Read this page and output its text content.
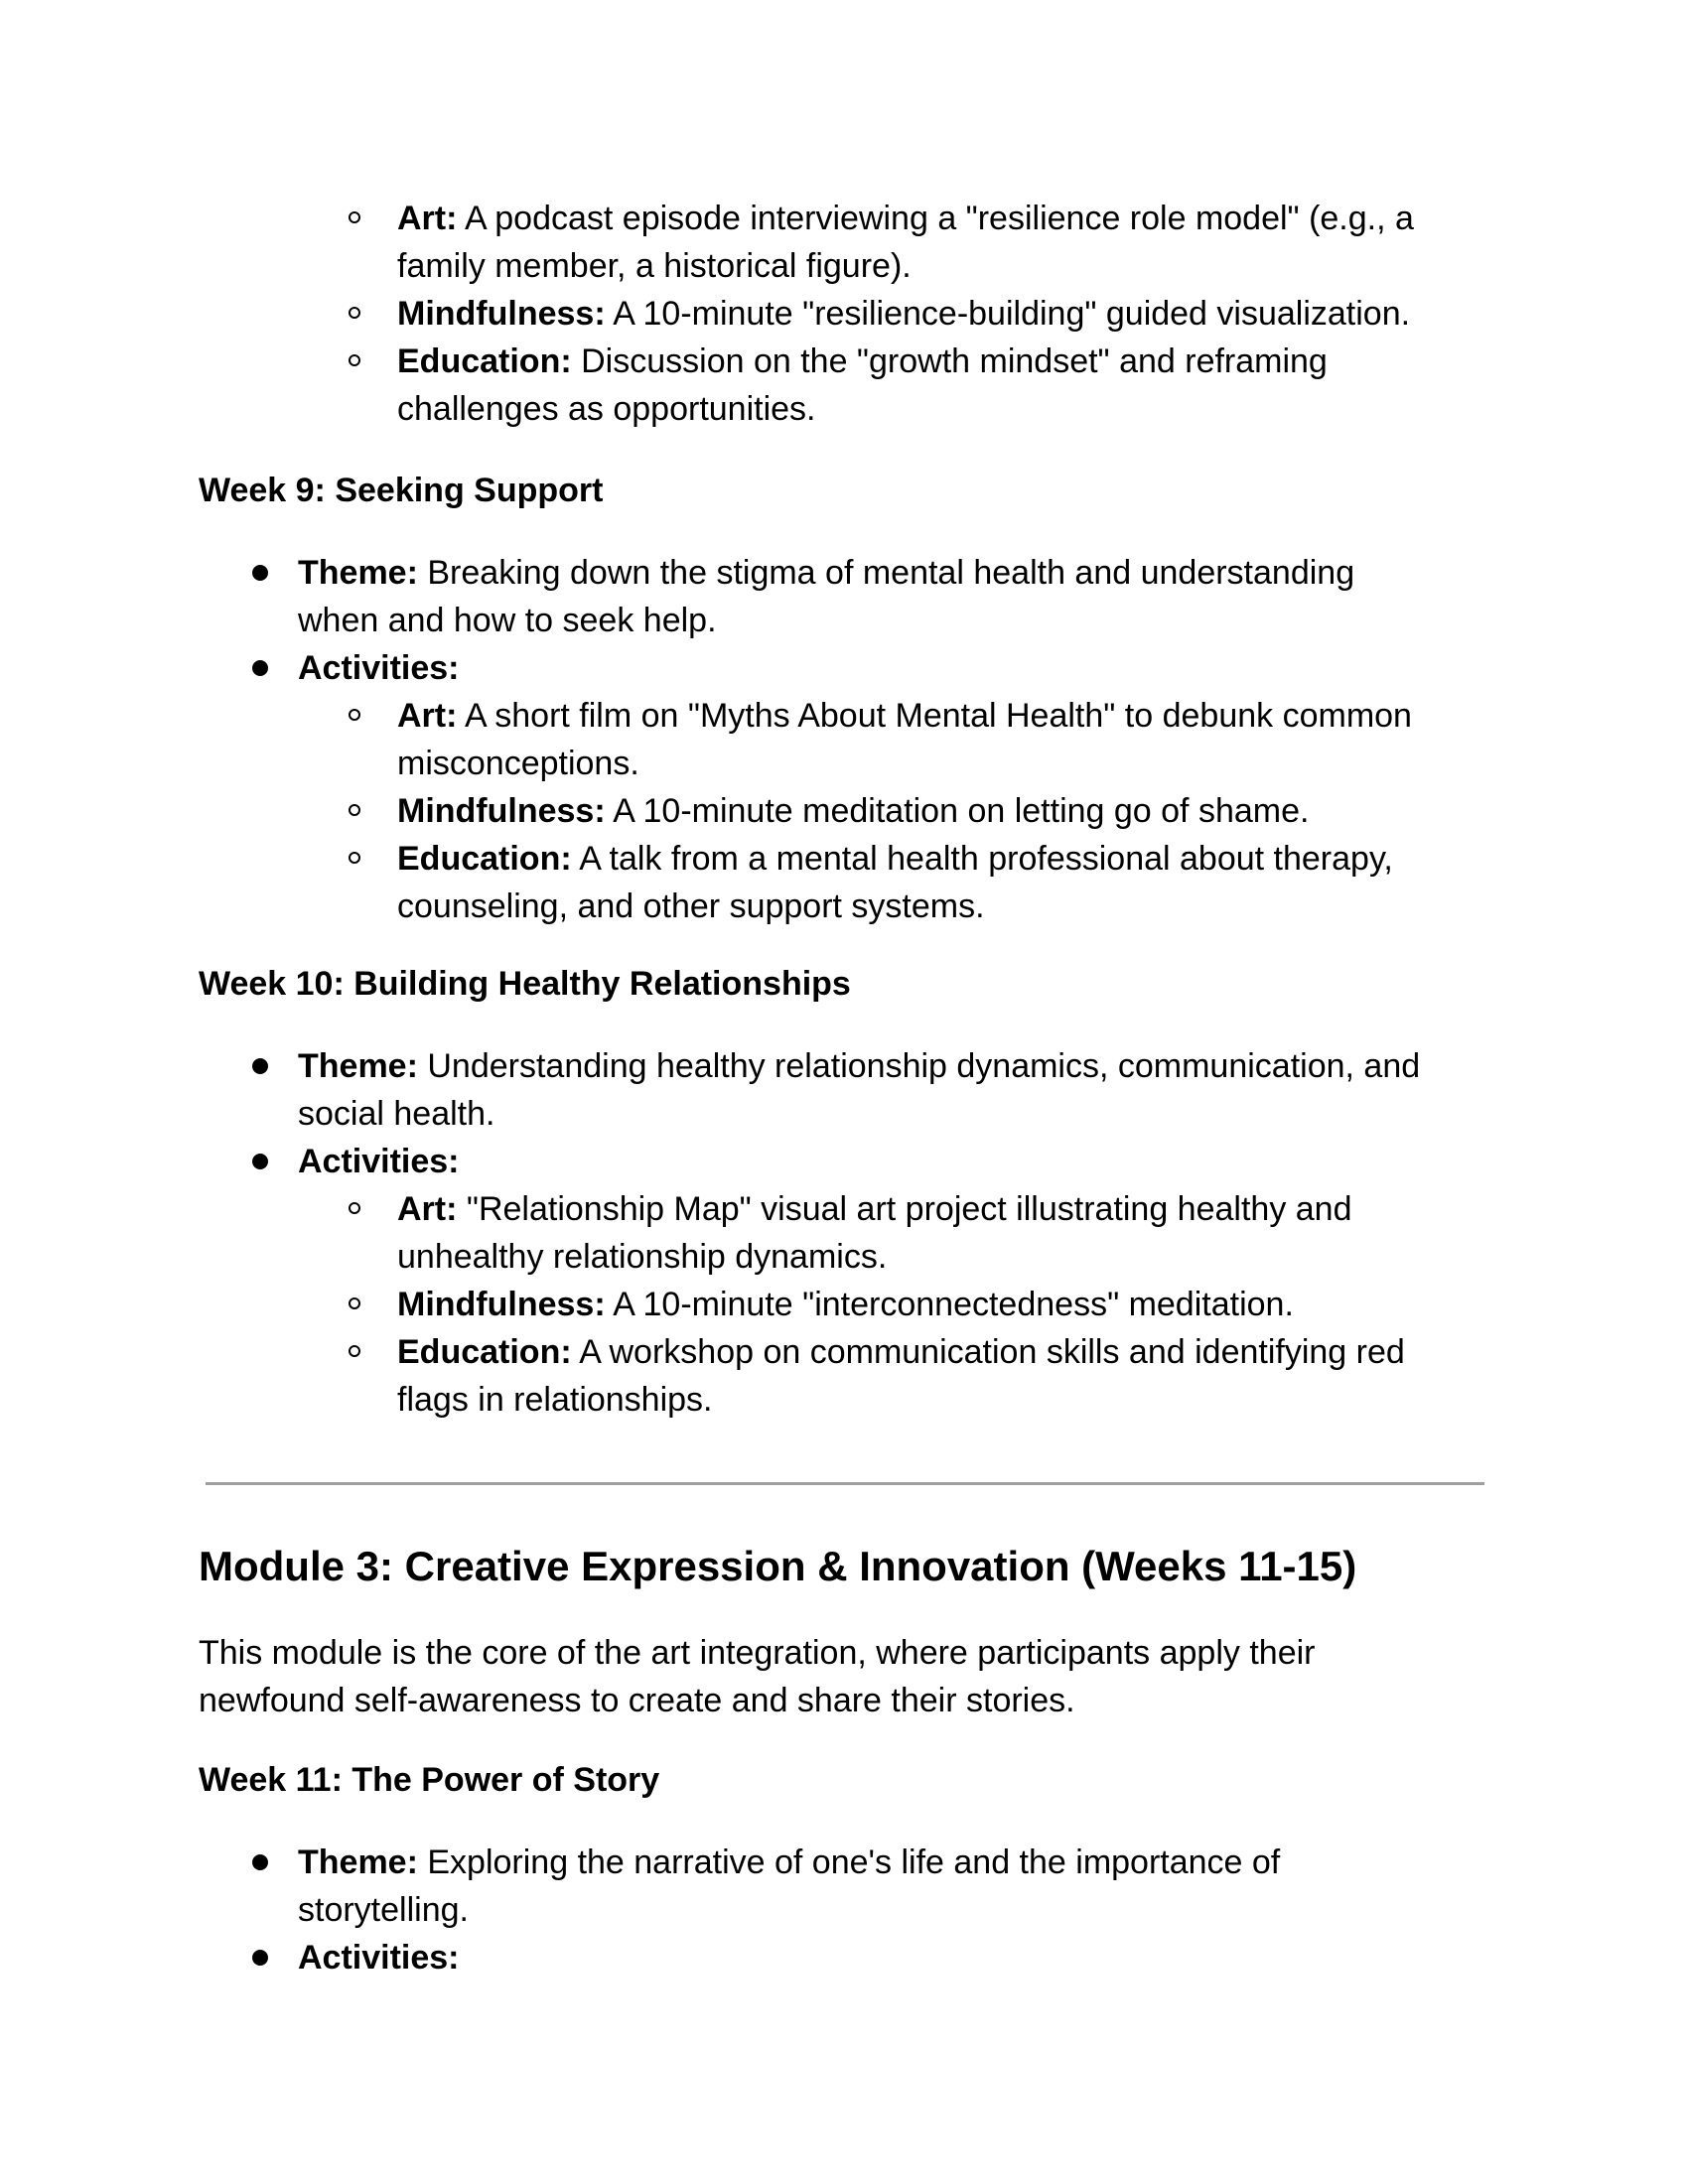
Art: A podcast episode interviewing a "resilience role model" (e.g., a
family member, a historical figure).
Mindfulness: A 10-minute "resilience-building" guided visualization.
Education: Discussion on the "growth mindset" and reframing
challenges as opportunities.
Week 9: Seeking Support
Theme: Breaking down the stigma of mental health and understanding
when and how to seek help.
Activities:
Art: A short film on "Myths About Mental Health" to debunk common
misconceptions.
Mindfulness: A 10-minute meditation on letting go of shame.
Education: A talk from a mental health professional about therapy,
counseling, and other support systems.
Week 10: Building Healthy Relationships
Theme: Understanding healthy relationship dynamics, communication, and
social health.
Activities:
Art: "Relationship Map" visual art project illustrating healthy and
unhealthy relationship dynamics.
Mindfulness: A 10-minute "interconnectedness" meditation.
Education: A workshop on communication skills and identifying red
flags in relationships.
Module 3: Creative Expression & Innovation (Weeks 11-15)
This module is the core of the art integration, where participants apply their
newfound self-awareness to create and share their stories.
Week 11: The Power of Story
Theme: Exploring the narrative of one's life and the importance of
storytelling.
Activities:
